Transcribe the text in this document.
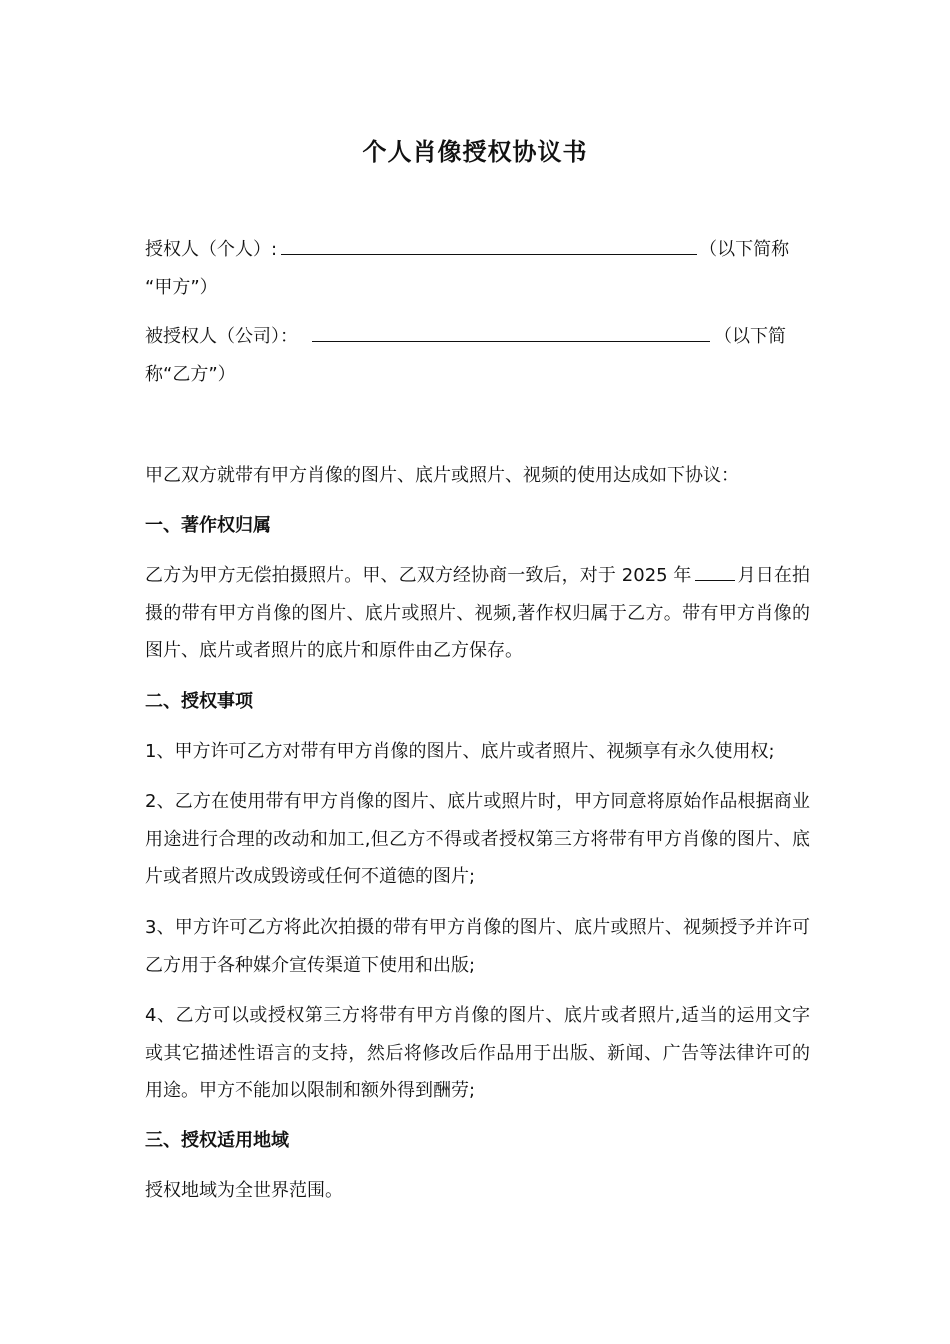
个人肖像授权协议书
授权人（个人）:	（以下简称
“甲方”）
被授权人（公司）：	（以下简
称“乙方”）
甲乙双方就带有甲方肖像的图片、底片或照片、视频的使用达成如下协议：
一、著作权归属
乙方为甲方无偿拍摄照片。甲、乙双方经协商一致后，对于 2025 年	月日在拍摄的带有甲方肖像的图片、底片或照片、视频,著作权归属于乙方。带有甲方肖像的图片、底片或者照片的底片和原件由乙方保存。
二、授权事项
1、甲方许可乙方对带有甲方肖像的图片、底片或者照片、视频享有永久使用权;
2、乙方在使用带有甲方肖像的图片、底片或照片时，甲方同意将原始作品根据商业用途进行合理的改动和加工,但乙方不得或者授权第三方将带有甲方肖像的图片、底片或者照片改成毁谤或任何不道德的图片;
3、甲方许可乙方将此次拍摄的带有甲方肖像的图片、底片或照片、视频授予并许可乙方用于各种媒介宣传渠道下使用和出版;
4、乙方可以或授权第三方将带有甲方肖像的图片、底片或者照片,适当的运用文字或其它描述性语言的支持，然后将修改后作品用于出版、新闻、广告等法律许可的用途。甲方不能加以限制和额外得到酬劳;
三、授权适用地域
授权地域为全世界范围。
